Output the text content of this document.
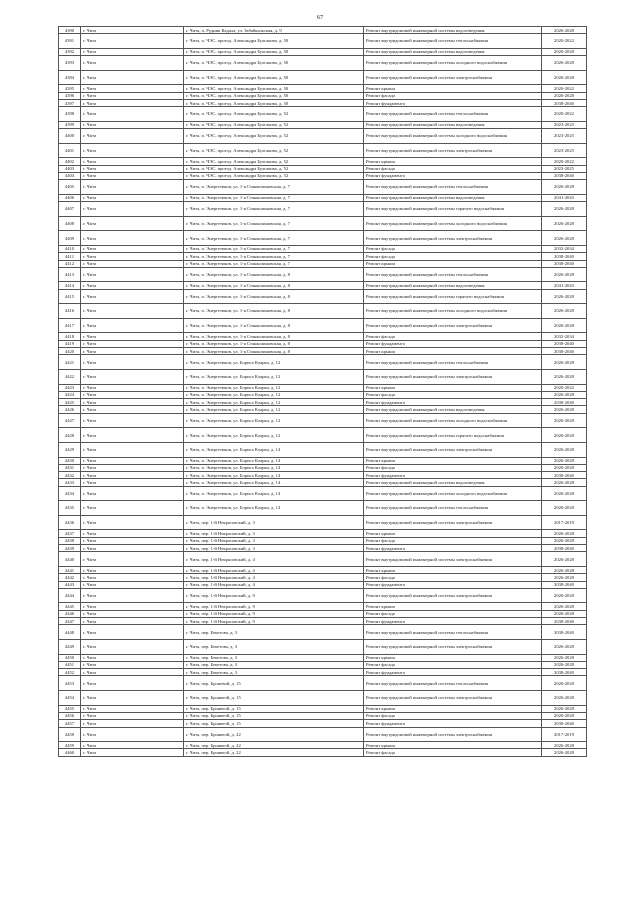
67
4390	г. Чита	г. Чита, п. Рудник Кадала, ул. Забайкальская, д. 9	Ремонт внутридомовой инженерной системы водоотведения	2026-2028
4391	г. Чита	г. Чита, п. ЧЭС, проезд. Александра Булгакова, д. 50	Ремонт внутридомовой инженерной системы теплоснабжения	2020-2022
4392	г. Чита	г. Чита, п. ЧЭС, проезд. Александра Булгакова, д. 50	Ремонт внутридомовой инженерной системы водоотведения	2026-2028
4393	г. Чита	г. Чита, п. ЧЭС, проезд. Александра Булгакова, д. 50	Ремонт внутридомовой инженерной системы холодного водоснабжения	2026-2028
4394	г. Чита	г. Чита, п. ЧЭС, проезд. Александра Булгакова, д. 50	Ремонт внутридомовой инженерной системы электроснабжения	2026-2028
4395	г. Чита	г. Чита, п. ЧЭС, проезд. Александра Булгакова, д. 50	Ремонт крыши	2020-2022
4396	г. Чита	г. Чита, п. ЧЭС, проезд. Александра Булгакова, д. 50	Ремонт фасада	2026-2028
4397	г. Чита	г. Чита, п. ЧЭС, проезд. Александра Булгакова, д. 50	Ремонт фундамента	2038-2040
4398	г. Чита	г. Чита, п. ЧЭС, проезд. Александра Булгакова, д. 52	Ремонт внутридомовой инженерной системы теплоснабжения	2020-2022
4399	г. Чита	г. Чита, п. ЧЭС, проезд. Александра Булгакова, д. 52	Ремонт внутридомовой инженерной системы водоотведения	2023-2025
4400	г. Чита	г. Чита, п. ЧЭС, проезд. Александра Булгакова, д. 52	Ремонт внутридомовой инженерной системы холодного водоснабжения	2023-2025
4401	г. Чита	г. Чита, п. ЧЭС, проезд. Александра Булгакова, д. 52	Ремонт внутридомовой инженерной системы электроснабжения	2023-2025
4402	г. Чита	г. Чита, п. ЧЭС, проезд. Александра Булгакова, д. 52	Ремонт крыши	2020-2022
4403	г. Чита	г. Чита, п. ЧЭС, проезд. Александра Булгакова, д. 52	Ремонт фасада	2023-2025
4404	г. Чита	г. Чита, п. ЧЭС, проезд. Александра Булгакова, д. 52	Ремонт фундамента	2038-2040
4405	г. Чита	г. Чита, п. Энергетиков, ул. 1-я Станколиновская, д. 7	Ремонт внутридомовой инженерной системы теплоснабжения	2026-2028
4406	г. Чита	г. Чита, п. Энергетиков, ул. 1-я Станколиновская, д. 7	Ремонт внутридомовой инженерной системы водоотведения	2041-2043
4407	г. Чита	г. Чита, п. Энергетиков, ул. 1-я Станколиновская, д. 7	Ремонт внутридомовой инженерной системы горячего водоснабжения	2026-2028
4408	г. Чита	г. Чита, п. Энергетиков, ул. 1-я Станколиновская, д. 7	Ремонт внутридомовой инженерной системы холодного водоснабжения	2026-2028
4409	г. Чита	г. Чита, п. Энергетиков, ул. 1-я Станколиновская, д. 7	Ремонт внутридомовой инженерной системы электроснабжения	2026-2028
4410	г. Чита	г. Чита, п. Энергетиков, ул. 1-я Станколиновская, д. 7	Ремонт фасада	2032-2034
4411	г. Чита	г. Чита, п. Энергетиков, ул. 1-я Станколиновская, д. 7	Ремонт фасада	2038-2040
4412	г. Чита	г. Чита, п. Энергетиков, ул. 1-я Станколиновская, д. 7	Ремонт крыши	2038-2040
4413	г. Чита	г. Чита, п. Энергетиков, ул. 1-я Станколиновская, д. 8	Ремонт внутридомовой инженерной системы теплоснабжения	2026-2028
4414	г. Чита	г. Чита, п. Энергетиков, ул. 1-я Станколиновская, д. 8	Ремонт внутридомовой инженерной системы водоотведения	2041-2043
4415	г. Чита	г. Чита, п. Энергетиков, ул. 1-я Станколиновская, д. 8	Ремонт внутридомовой инженерной системы горячего водоснабжения	2026-2028
4416	г. Чита	г. Чита, п. Энергетиков, ул. 1-я Станколиновская, д. 8	Ремонт внутридомовой инженерной системы холодного водоснабжения	2026-2028
4417	г. Чита	г. Чита, п. Энергетиков, ул. 1-я Станколиновская, д. 8	Ремонт внутридомовой инженерной системы электроснабжения	2026-2028
4418	г. Чита	г. Чита, п. Энергетиков, ул. 1-я Станколиновская, д. 8	Ремонт фасада	2032-2034
4419	г. Чита	г. Чита, п. Энергетиков, ул. 1-я Станколиновская, д. 8	Ремонт фундамента	2038-2040
4420	г. Чита	г. Чита, п. Энергетиков, ул. 1-я Станколиновская, д. 8	Ремонт крыши	2038-2040
4421	г. Чита	г. Чита, п. Энергетиков, ул. Бориса Кларка, д. 12	Ремонт внутридомовой инженерной системы теплоснабжения	2026-2028
4422	г. Чита	г. Чита, п. Энергетиков, ул. Бориса Кларка, д. 12	Ремонт внутридомовой инженерной системы электроснабжения	2026-2028
4423	г. Чита	г. Чита, п. Энергетиков, ул. Бориса Кларка, д. 12	Ремонт крыши	2020-2022
4424	г. Чита	г. Чита, п. Энергетиков, ул. Бориса Кларка, д. 12	Ремонт фасада	2026-2028
4425	г. Чита	г. Чита, п. Энергетиков, ул. Бориса Кларка, д. 12	Ремонт фундамента	2038-2040
4426	г. Чита	г. Чита, п. Энергетиков, ул. Бориса Кларка, д. 12	Ремонт внутридомовой инженерной системы водоотведения	2026-2028
4427	г. Чита	г. Чита, п. Энергетиков, ул. Бориса Кларка, д. 12	Ремонт внутридомовой инженерной системы холодного водоснабжения	2026-2028
4428	г. Чита	г. Чита, п. Энергетиков, ул. Бориса Кларка, д. 12	Ремонт внутридомовой инженерной системы горячего водоснабжения	2026-2028
4429	г. Чита	г. Чита, п. Энергетиков, ул. Бориса Кларка, д. 14	Ремонт внутридомовой инженерной системы электроснабжения	2026-2028
4430	г. Чита	г. Чита, п. Энергетиков, ул. Бориса Кларка, д. 14	Ремонт крыши	2026-2028
4431	г. Чита	г. Чита, п. Энергетиков, ул. Бориса Кларка, д. 14	Ремонт фасада	2026-2028
4432	г. Чита	г. Чита, п. Энергетиков, ул. Бориса Кларка, д. 14	Ремонт фундамента	2038-2040
4433	г. Чита	г. Чита, п. Энергетиков, ул. Бориса Кларка, д. 14	Ремонт внутридомовой инженерной системы водоотведения	2026-2028
4434	г. Чита	г. Чита, п. Энергетиков, ул. Бориса Кларка, д. 14	Ремонт внутридомовой инженерной системы холодного водоснабжения	2026-2028
4435	г. Чита	г. Чита, п. Энергетиков, ул. Бориса Кларка, д. 14	Ремонт внутридомовой инженерной системы теплоснабжения	2026-2028
4436	г. Чита	г. Чита, пер. 1-й Некрасовский, д. 3	Ремонт внутридомовой инженерной системы электроснабжения	2017-2019
4437	г. Чита	г. Чита, пер. 1-й Некрасовский, д. 3	Ремонт крыши	2026-2028
4438	г. Чита	г. Чита, пер. 1-й Некрасовский, д. 3	Ремонт фасада	2026-2028
4439	г. Чита	г. Чита, пер. 1-й Некрасовский, д. 3	Ремонт фундамента	2038-2040
4440	г. Чита	г. Чита, пер. 1-й Некрасовский, д. 4	Ремонт внутридомовой инженерной системы электроснабжения	2026-2028
4441	г. Чита	г. Чита, пер. 1-й Некрасовский, д. 4	Ремонт крыши	2026-2028
4442	г. Чита	г. Чита, пер. 1-й Некрасовский, д. 4	Ремонт фасада	2026-2028
4443	г. Чита	г. Чита, пер. 1-й Некрасовский, д. 4	Ремонт фундамента	2038-2040
4444	г. Чита	г. Чита, пер. 1-й Некрасовский, д. 9	Ремонт внутридомовой инженерной системы электроснабжения	2026-2028
4445	г. Чита	г. Чита, пер. 1-й Некрасовский, д. 9	Ремонт крыши	2026-2028
4446	г. Чита	г. Чита, пер. 1-й Некрасовский, д. 9	Ремонт фасада	2026-2028
4447	г. Чита	г. Чита, пер. 1-й Некрасовский, д. 9	Ремонт фундамента	2038-2040
4448	г. Чита	г. Чита, пер. Бекетова, д. 3	Ремонт внутридомовой инженерной системы теплоснабжения	2038-2040
4449	г. Чита	г. Чита, пер. Бекетова, д. 3	Ремонт внутридомовой инженерной системы электроснабжения	2026-2028
4450	г. Чита	г. Чита, пер. Бекетова, д. 3	Ремонт крыши	2026-2028
4451	г. Чита	г. Чита, пер. Бекетова, д. 3	Ремонт фасада	2026-2028
4452	г. Чита	г. Чита, пер. Бекетова, д. 3	Ремонт фундамента	2038-2040
4453	г. Чита	г. Чита, пер. Броневой, д. 15	Ремонт внутридомовой инженерной системы теплоснабжения	2026-2028
4454	г. Чита	г. Чита, пер. Бронвеой, д. 15	Ремонт внутридомовой инженерной системы электроснабжения	2026-2028
4455	г. Чита	г. Чита, пер. Бронвеой, д. 15	Ремонт крыши	2026-2028
4456	г. Чита	г. Чита, пер. Бронвеой, д. 15	Ремонт фасада	2026-2028
4457	г. Чита	г. Чита, пер. Бронвеой, д. 15	Ремонт фундамента	2038-2040
4458	г. Чита	г. Чита, пер. Бронвеой, д. 22	Ремонт внутридомовой инженерной системы электроснабжения	2017-2019
4459	г. Чита	г. Чита, пер. Бронвеой, д. 22	Ремонт крыши	2026-2028
4460	г. Чита	г. Чита, пер. Бронвеой, д. 22	Ремонт фасада	2026-2028
